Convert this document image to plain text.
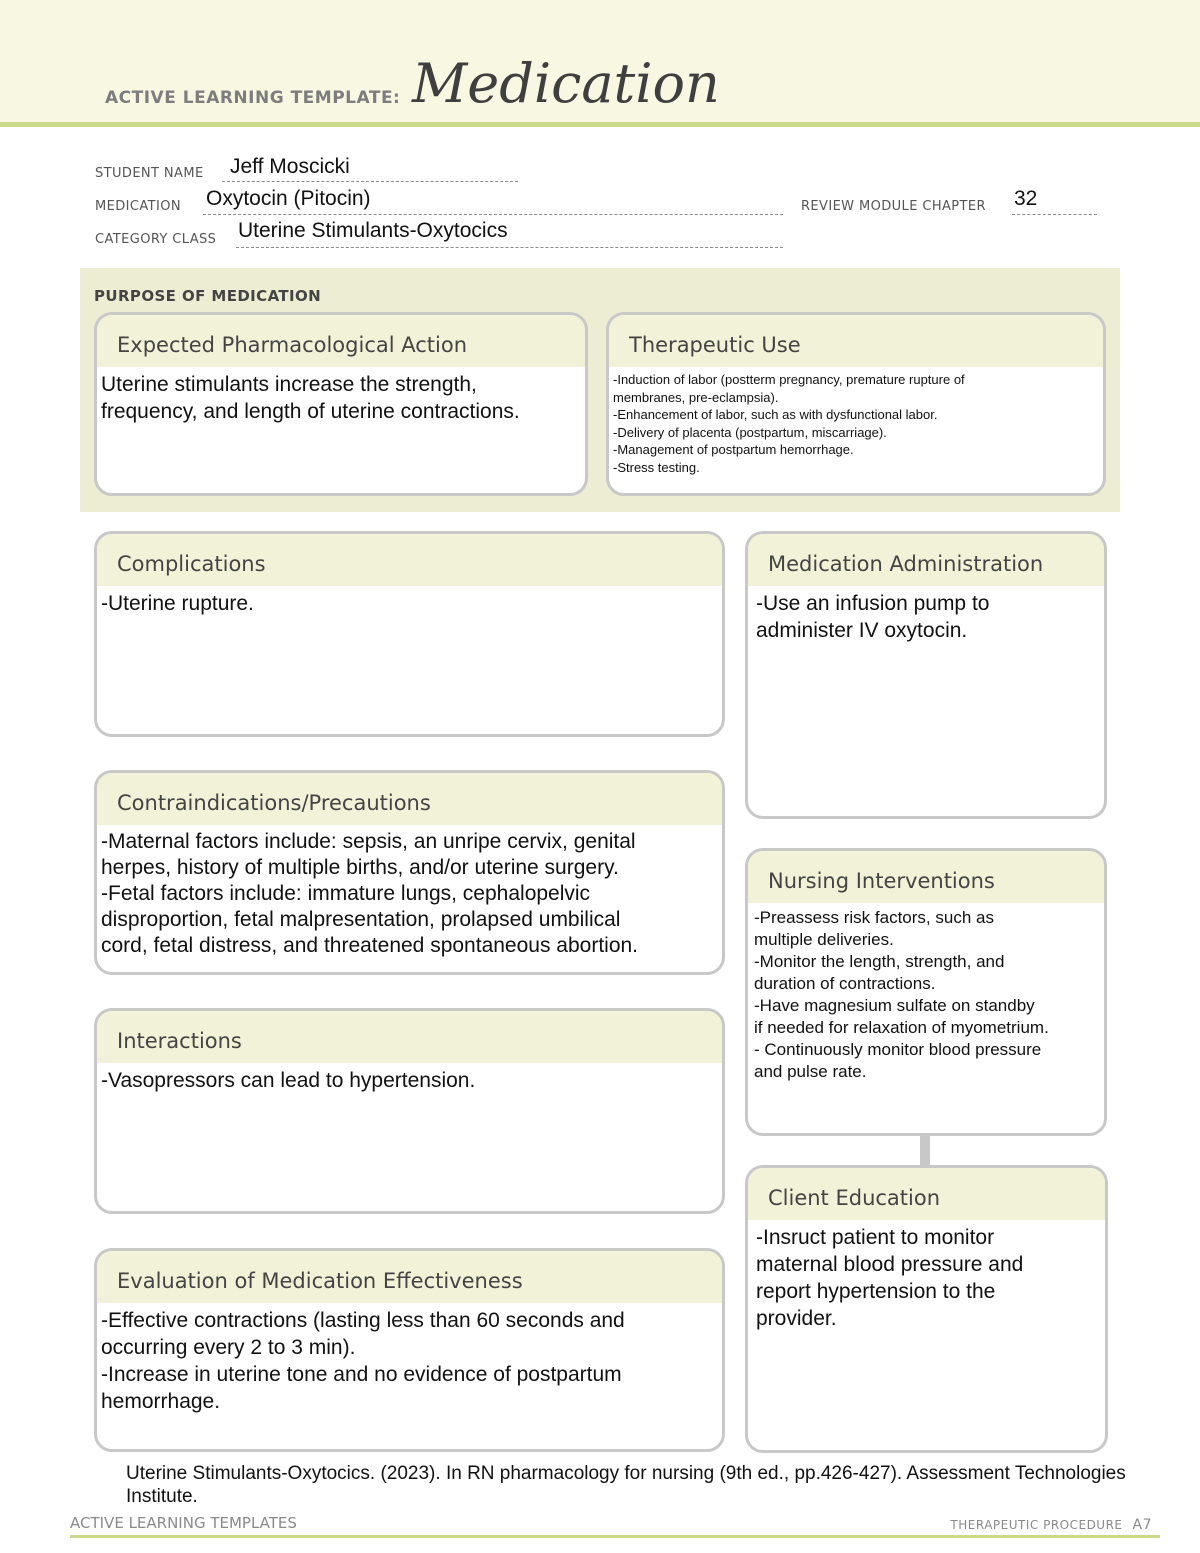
ACTIVE LEARNING TEMPLATE: Medication
STUDENT NAME Jeff Moscicki
MEDICATION Oxytocin (Pitocin)	REVIEW MODULE CHAPTER 32
CATEGORY CLASS Uterine Stimulants-Oxytocics
PURPOSE OF MEDICATION
Expected Pharmacological Action
Uterine stimulants increase the strength,
frequency, and length of uterine contractions.
Therapeutic Use
-Induction of labor (postterm pregnancy, premature rupture of
membranes, pre-eclampsia).
-Enhancement of labor, such as with dysfunctional labor.
-Delivery of placenta (postpartum, miscarriage).
-Management of postpartum hemorrhage.
-Stress testing.
Complications
-Uterine rupture.
Contraindications/Precautions
-Maternal factors include: sepsis, an unripe cervix, genital
herpes, history of multiple births, and/or uterine surgery.
-Fetal factors include: immature lungs, cephalopelvic
disproportion, fetal malpresentation, prolapsed umbilical
cord, fetal distress, and threatened spontaneous abortion.
Interactions
-Vasopressors can lead to hypertension.
Evaluation of Medication Effectiveness
-Effective contractions (lasting less than 60 seconds and
occurring every 2 to 3 min).
-Increase in uterine tone and no evidence of postpartum
hemorrhage.
Medication Administration
-Use an infusion pump to
administer IV oxytocin.
Nursing Interventions
-Preassess risk factors, such as
multiple deliveries.
-Monitor the length, strength, and
duration of contractions.
-Have magnesium sulfate on standby
if needed for relaxation of myometrium.
- Continuously monitor blood pressure
and pulse rate.
Client Education
-Insruct patient to monitor
maternal blood pressure and
report hypertension to the
provider.
Uterine Stimulants-Oxytocics. (2023). In RN pharmacology for nursing (9th ed., pp.426-427). Assessment Technologies Institute.
ACTIVE LEARNING TEMPLATES	THERAPEUTIC PROCEDURE A7
